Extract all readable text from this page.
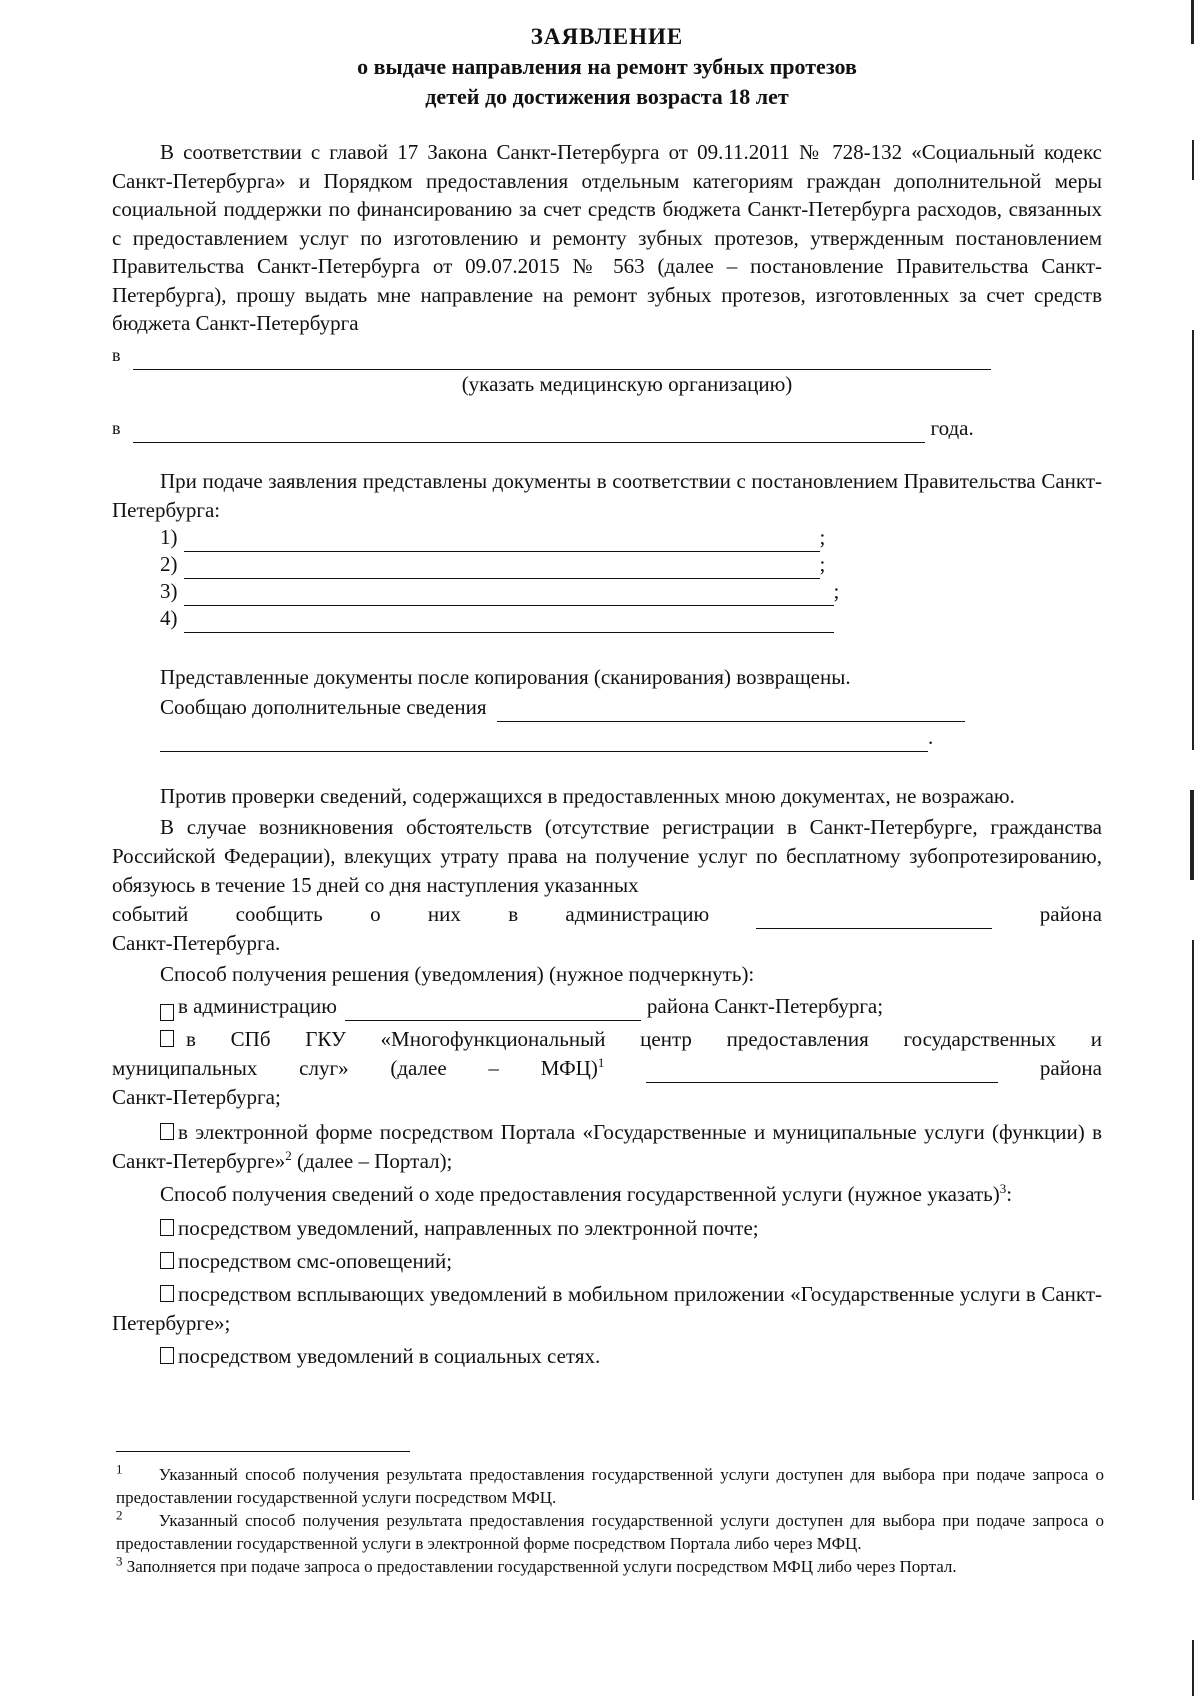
ЗАЯВЛЕНИЕ
о выдаче направления на ремонт зубных протезов
детей до достижения возраста 18 лет

В соответствии с главой 17 Закона Санкт-Петербурга от 09.11.2011 № 728-132 «Социальный кодекс Санкт-Петербурга» и Порядком предоставления отдельным категориям граждан дополнительной меры социальной поддержки по финансированию за счет средств бюджета Санкт-Петербурга расходов, связанных с предоставлением услуг по изготовлению и ремонту зубных протезов, утвержденным постановлением Правительства Санкт-Петербурга от 09.07.2015 № 563 (далее – постановление Правительства Санкт-Петербурга), прошу выдать мне направление на ремонт зубных протезов, изготовленных за счет средств бюджета Санкт-Петербурга

в
(указать медицинскую организацию)
в	года.

При подаче заявления представлены документы в соответствии с постановлением Правительства Санкт-Петербурга:

1)	;
2)	;
3)	;
4)
Представленные документы после копирования (сканирования) возвращены.
Сообщаю дополнительные сведения
.

Против проверки сведений, содержащихся в предоставленных мною документах, не возражаю.

В случае возникновения обстоятельств (отсутствие регистрации в Санкт-Петербурге, гражданства Российской Федерации), влекущих утрату права на получение услуг по бесплатному зубопротезированию, обязуюсь в течение 15 дней со дня наступления указанных

событий сообщить о них в администрацию	района
Санкт-Петербурга.
Способ получения решения (уведомления) (нужное подчеркнуть):
в администрацию	района Санкт-Петербурга;
в СПб ГКУ «Многофункциональный центр предоставления государственных и
муниципальных слуг» (далее – МФЦ)$^1$	района
Санкт-Петербурга;

в электронной форме посредством Портала «Государственные и муниципальные услуги (функции) в Санкт-Петербурге»$^2$ (далее – Портал);

Способ получения сведений о ходе предоставления государственной услуги (нужное указать)$^3$:

посредством уведомлений, направленных по электронной почте;

посредством смс-оповещений;

посредством всплывающих уведомлений в мобильном приложении «Государственные услуги в Санкт-Петербурге»;

посредством уведомлений в социальных сетях.

$^1$ Указанный способ получения результата предоставления государственной услуги доступен для выбора при подаче запроса о предоставлении государственной услуги посредством МФЦ.
$^2$ Указанный способ получения результата предоставления государственной услуги доступен для выбора при подаче запроса о предоставлении государственной услуги в электронной форме посредством Портала либо через МФЦ.
$^3$ Заполняется при подаче запроса о предоставлении государственной услуги посредством МФЦ либо через Портал.
